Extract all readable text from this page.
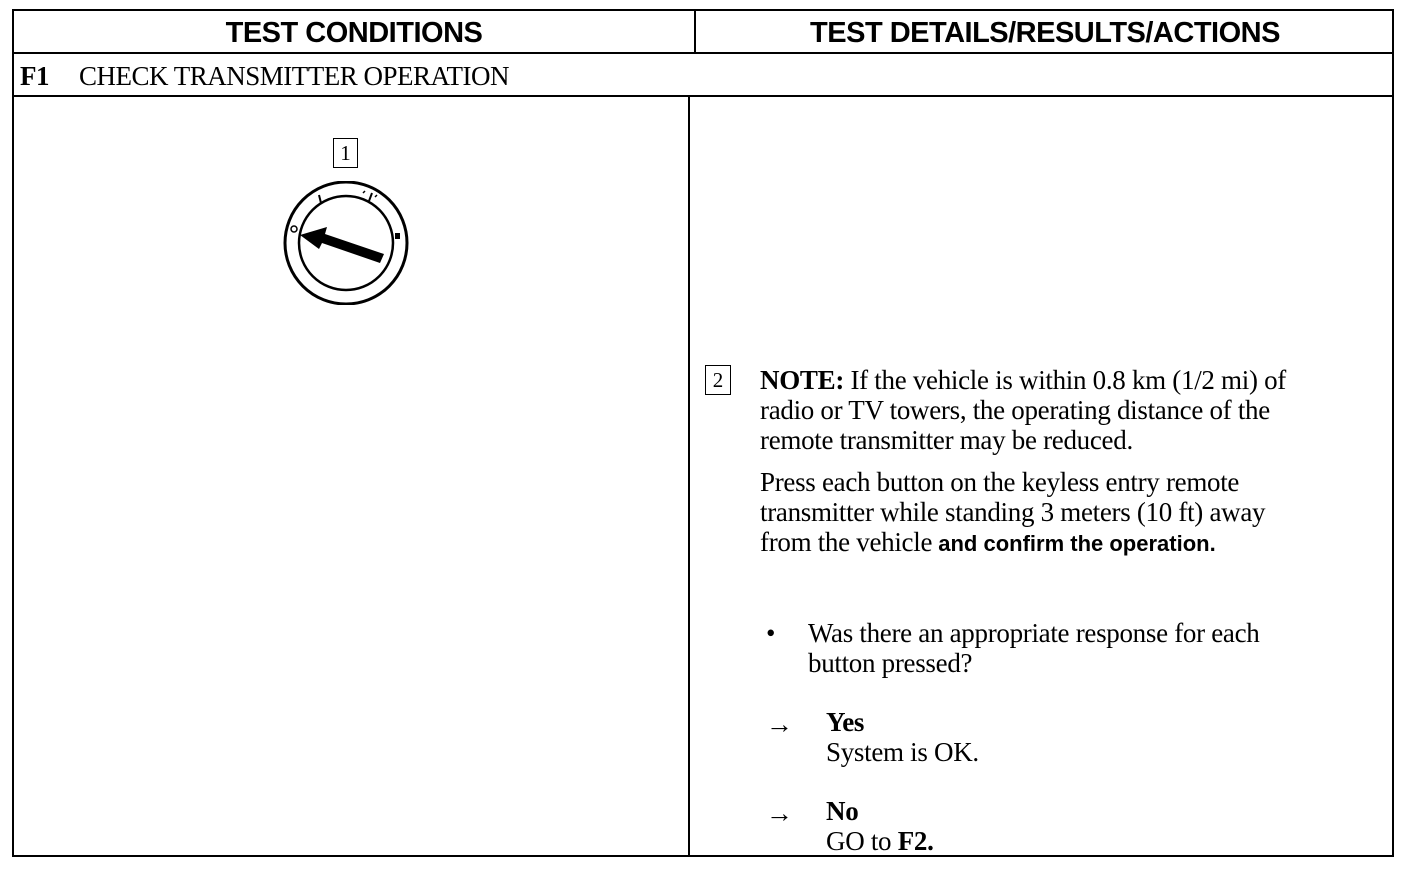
TEST CONDITIONS	TEST DETAILS/RESULTS/ACTIONS
F1 CHECK TRANSMITTER OPERATION
1
2 NOTE: If the vehicle is within 0.8 km (1/2 mi) of
radio or TV towers, the operating distance of the
remote transmitter may be reduced.
Press each button on the keyless entry remote
transmitter while standing 3 meters (10 ft) away
from the vehicle and confirm the operation.
• Was there an appropriate response for each
button pressed?
→ Yes
System is OK.
→ No
GO to F2.
